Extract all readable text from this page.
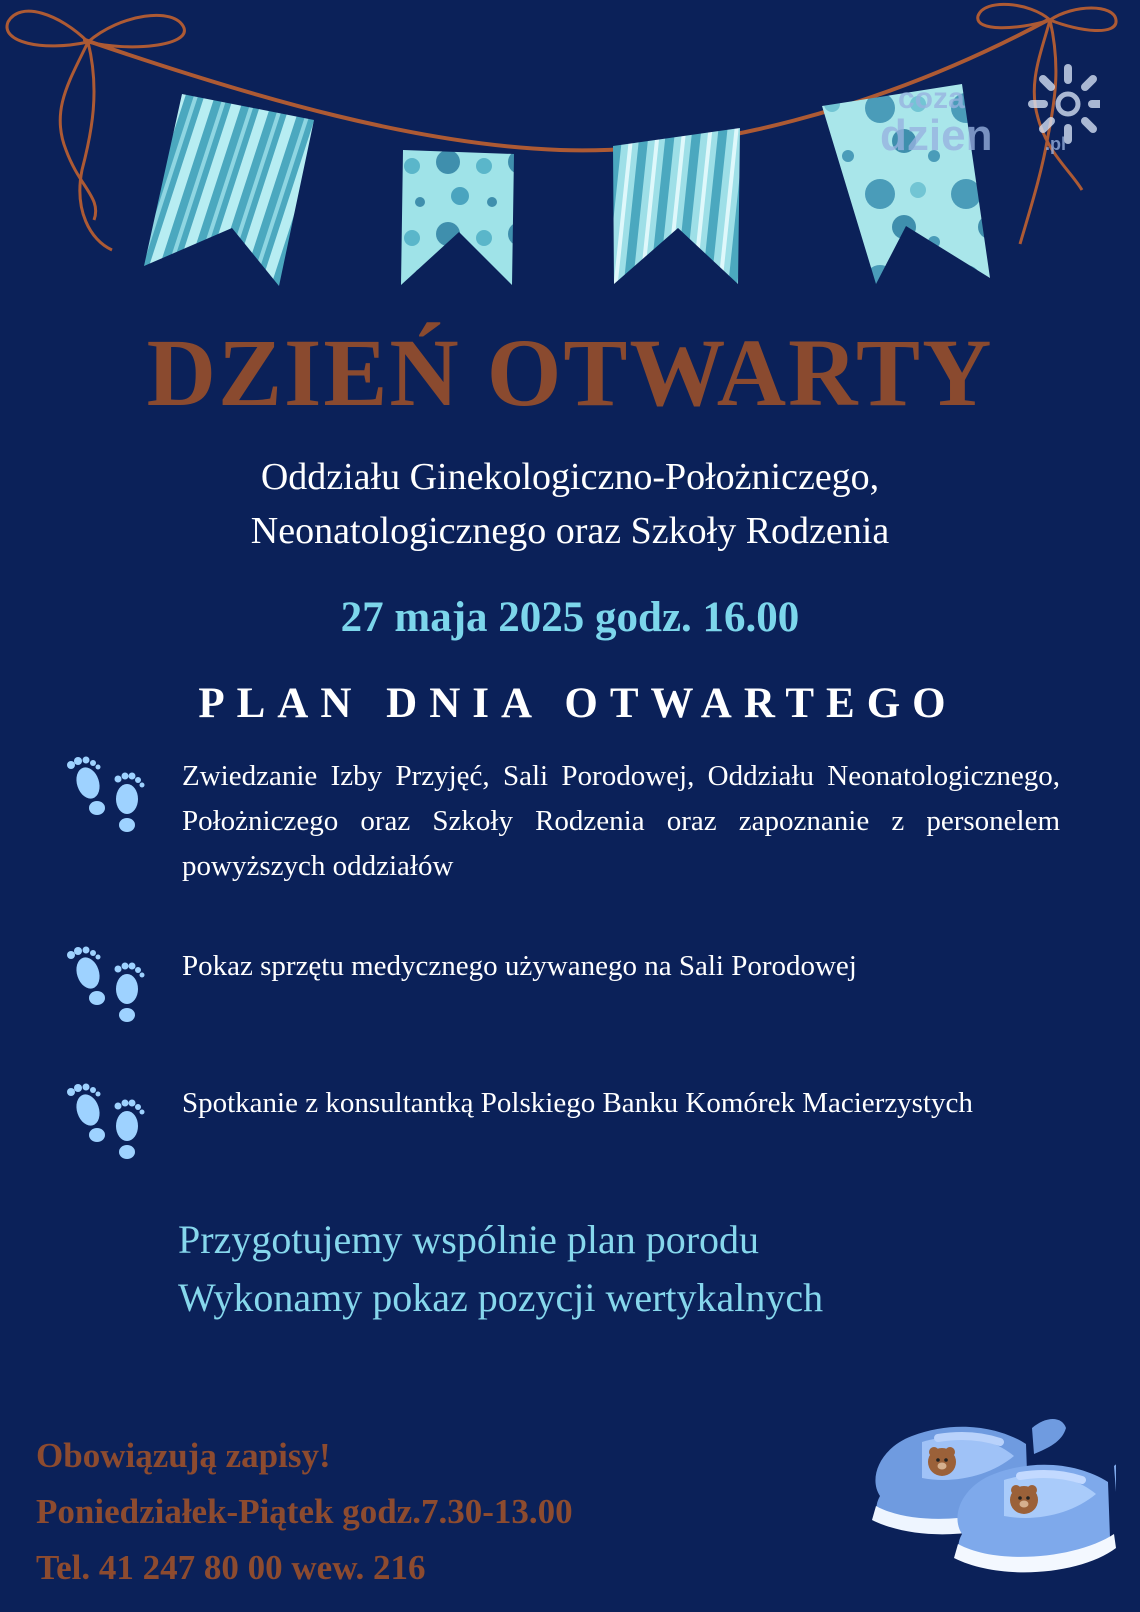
coza
dzien	.pl
DZIEŃ OTWARTY
Oddziału Ginekologiczno-Położniczego,
Neonatologicznego oraz Szkoły Rodzenia
27 maja 2025 godz. 16.00
PLAN DNIA OTWARTEGO
Zwiedzanie Izby Przyjęć, Sali Porodowej, Oddziału Neonatologicznego, Położniczego oraz Szkoły Rodzenia oraz zapoznanie z personelem powyższych oddziałów
Pokaz sprzętu medycznego używanego na Sali Porodowej
Spotkanie z konsultantką Polskiego Banku Komórek Macierzystych
Przygotujemy wspólnie plan porodu
Wykonamy pokaz pozycji wertykalnych
Obowiązują zapisy!
Poniedziałek-Piątek godz.7.30-13.00
Tel. 41 247 80 00 wew. 216
